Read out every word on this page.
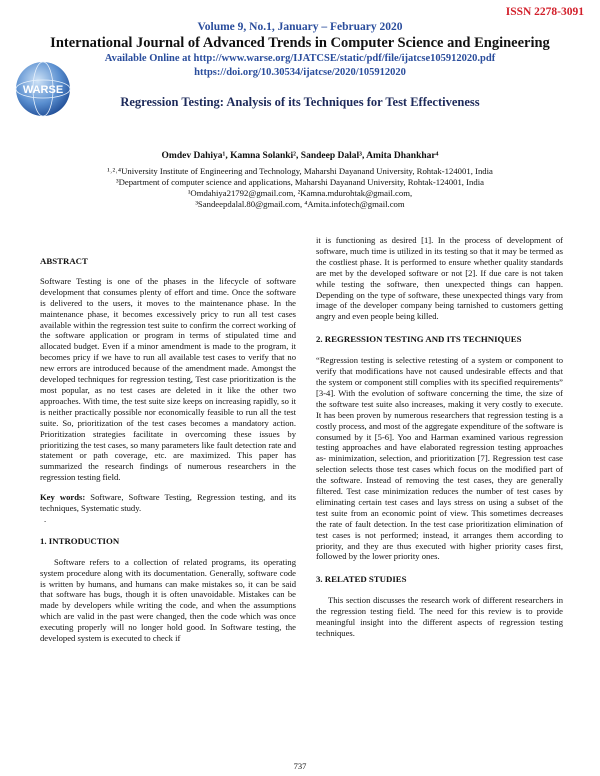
ISSN 2278-3091
Volume 9, No.1, January – February 2020
International Journal of Advanced Trends in Computer Science and Engineering
Available Online at http://www.warse.org/IJATCSE/static/pdf/file/ijatcse105912020.pdf
https://doi.org/10.30534/ijatcse/2020/105912020
WARSE
Regression Testing: Analysis of its Techniques for Test Effectiveness
Omdev Dahiya¹, Kamna Solanki², Sandeep Dalal³, Amita Dhankhar⁴
¹˒²˒⁴University Institute of Engineering and Technology, Maharshi Dayanand University, Rohtak-124001, India
³Department of computer science and applications, Maharshi Dayanand University, Rohtak-124001, India
¹Omdahiya21792@gmail.com, ²Kamna.mdurohtak@gmail.com,
³Sandeepdalal.80@gmail.com, ⁴Amita.infotech@gmail.com

ABSTRACT

Software Testing is one of the phases in the lifecycle of software development that consumes plenty of effort and time. Once the software is delivered to the users, it moves to the maintenance phase. In the maintenance phase, it becomes excessively pricy to run all test cases available within the regression test suite to confirm the correct working of the software application or program in terms of stipulated time and allocated budget. Even if a minor amendment is made to the program, it becomes pricy if we have to run all available test cases to verify that no new errors are introduced because of the amendment made. Amongst the developed techniques for regression testing, Test case prioritization is the most popular, as no test cases are deleted in it like the other two approaches. With time, the test suite size keeps on increasing rapidly, so it is neither practically possible nor economically feasible to run all the test suite. So, prioritization of the test cases becomes a mandatory action. Prioritization strategies facilitate in overcoming these issues by prioritizing the test cases, so many parameters like fault detection rate and statement or path coverage, etc. are maximized. This paper has summarized the research findings of numerous researchers in the regression testing field.

Key words: Software, Software Testing, Regression testing, and its techniques, Systematic study.

.

1. INTRODUCTION

Software refers to a collection of related programs, its operating system procedure along with its documentation. Generally, software code is written by humans, and humans can make mistakes so, it can be said that software has bugs, though it is often unavoidable. Mistakes can be made by developers while writing the code, and when the assumptions which are valid in the past were changed, then the code which was once executing properly will no longer hold good. In Software testing, the developed system is executed to check if

it is functioning as desired [1]. In the process of development of software, much time is utilized in its testing so that it may be termed as the costliest phase. It is performed to ensure whether quality standards are met by the developed software or not [2]. If due care is not taken while testing the software, then unexpected things can happen. Depending on the type of software, these unexpected things vary from image of the developer company being tarnished to customers getting angry and even people being killed.

2. REGRESSION TESTING AND ITS TECHNIQUES

“Regression testing is selective retesting of a system or component to verify that modifications have not caused undesirable effects and that the system or component still complies with its specified requirements” [3-4]. With the evolution of software concerning the time, the size of the software test suite also increases, making it very costly to execute. It has been proven by numerous researchers that regression testing is a costly process, and most of the aggregate expenditure of the software is consumed by it [5-6]. Yoo and Harman examined various regression testing approaches and have elaborated regression testing approaches as- minimization, selection, and prioritization [7]. Regression test case selection selects those test cases which focus on the modified part of the software. Instead of removing the test cases, they are generally filtered. Test case minimization reduces the number of test cases by eliminating certain test cases and lays stress on using a subset of the test suite from an economic point of view. This sometimes decreases the rate of fault detection. In the test case prioritization elimination of test cases is not performed; instead, it arranges them according to priority, and they are thus executed with higher priority cases first, followed by the lower priority ones.

3. RELATED STUDIES

This section discusses the research work of different researchers in the regression testing field. The need for this review is to provide meaningful insight into the different aspects of regression testing techniques.

737
